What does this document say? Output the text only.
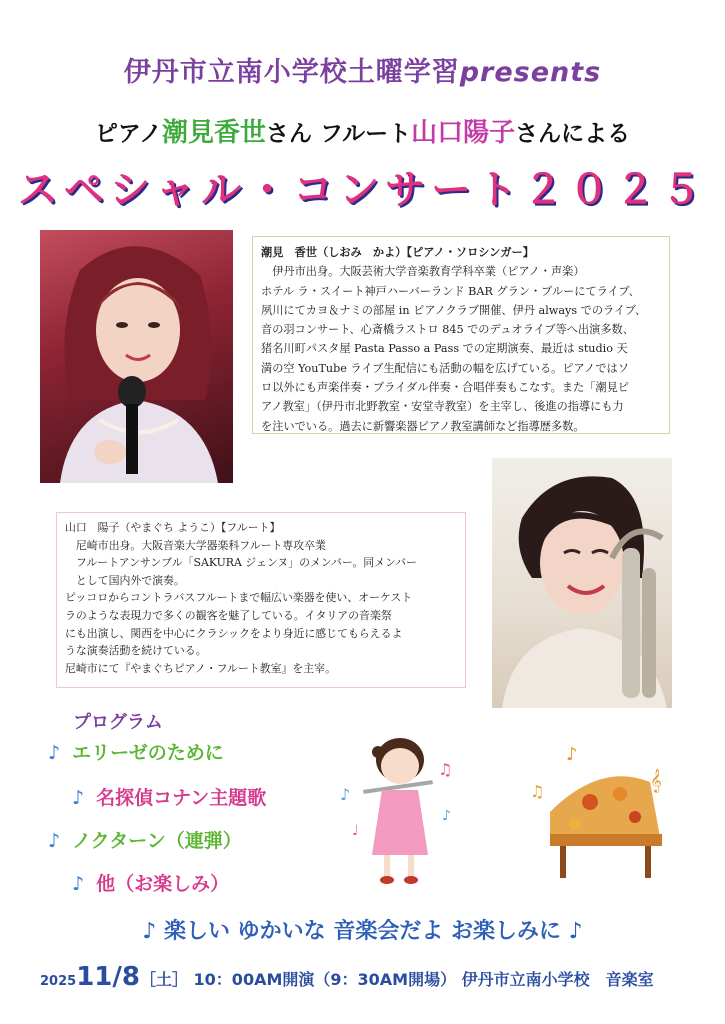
伊丹市立南小学校土曜学習presents
ピアノ潮見香世さん フルート山口陽子さんによる
スペシャル・コンサート２０２５
潮見　香世（しおみ　かよ）【ピアノ・ソロシンガー】
　伊丹市出身。大阪芸術大学音楽教育学科卒業（ピアノ・声楽）
ホテル ラ・スイート神戸ハーバーランド BAR グラン・ブルーにてライブ、
夙川にてカヨ＆ナミの部屋 in ピアノクラブ開催、伊丹 always でのライブ、
音の羽コンサート、心斎橋ラストロ 845 でのデュオライブ等へ出演多数、
猪名川町パスタ屋 Pasta Passo a Pass での定期演奏、最近は studio 天
満の空 YouTube ライブ生配信にも活動の幅を広げている。ピアノではソ
ロ以外にも声楽伴奏・ブライダル伴奏・合唱伴奏もこなす。また「潮見ピ
アノ教室」（伊丹市北野教室・安堂寺教室）を主宰し、後進の指導にも力
を注いでいる。過去に新響楽器ピアノ教室講師など指導歴多数。
山口　陽子（やまぐち ようこ）【フルート】
　尼崎市出身。大阪音楽大学器楽科フルート専攻卒業
　フルートアンサンブル「SAKURA ジェンヌ」のメンバー。同メンバー
　として国内外で演奏。
ピッコロからコントラバスフルートまで幅広い楽器を使い、オーケスト
ラのような表現力で多くの観客を魅了している。イタリアの音楽祭
にも出演し、関西を中心にクラシックをより身近に感じてもらえるよ
うな演奏活動を続けている。
尼崎市にて『やまぐちピアノ・フルート教室』を主宰。
プログラム
♪ エリーゼのために
♪ 名探偵コナン主題歌
♪ ノクターン（連弾）
♪ 他（お楽しみ）
♪
♫
♪
♩
♪
𝄞
♫
♪ 楽しい ゆかいな 音楽会だよ お楽しみに ♪
202511/8［土］ 10：00AM開演（9：30AM開場） 伊丹市立南小学校　音楽室
